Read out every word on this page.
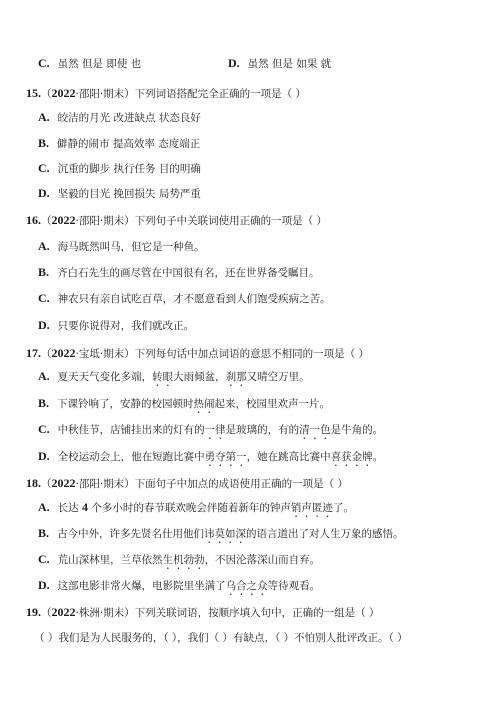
C. 虽然 但是 即使 也	D. 虽然 但是 如果 就
15.（2022·邵阳·期末）下列词语搭配完全正确的一项是（ ）
A. 皎洁的月光 改进缺点 状态良好
B. 僻静的闹市 提高效率 态度端正
C. 沉重的脚步 执行任务 目的明确
D. 坚毅的目光 挽回损失 局势严重
16.（2022·邵阳·期末）下列句子中关联词使用正确的一项是（ ）
A. 海马既然叫马，但它是一种鱼。
B. 齐白石先生的画尽管在中国很有名，还在世界备受瞩目。
C. 神农只有亲自试吃百草，才不愿意看到人们饱受疾病之苦。
D. 只要你说得对，我们就改正。
17.（2022·宝坻·期末）下列每句话中加点词语的意思不相同的一项是（ ）
A. 夏天天气变化多端，转眼大雨倾盆，刹那又晴空万里。
B. 下课铃响了，安静的校园顿时热闹起来，校园里欢声一片。
C. 中秋佳节，店铺挂出来的灯有的一律是玻璃的，有的清一色是牛角的。
D. 全校运动会上，他在短跑比赛中勇夺第一，她在跳高比赛中喜获金牌。
18.（2022·邵阳·期末）下面句子中加点的成语使用正确的一项是（ ）
A. 长达 4 个多小时的春节联欢晚会伴随着新年的钟声销声匿迹了。
B. 古今中外，许多先贤名仕用他们讳莫如深的语言道出了对人生万象的感悟。
C. 荒山深林里，兰草依然生机勃勃，不因沦落深山而自弃。
D. 这部电影非常火爆，电影院里坐满了乌合之众等待观看。
19.（2022·株洲·期末）下列关联词语，按顺序填入句中，正确的一组是（ ）
（ ）我们是为人民服务的，（ ），我们（ ）有缺点，（ ）不怕别人批评改正。（ ）
